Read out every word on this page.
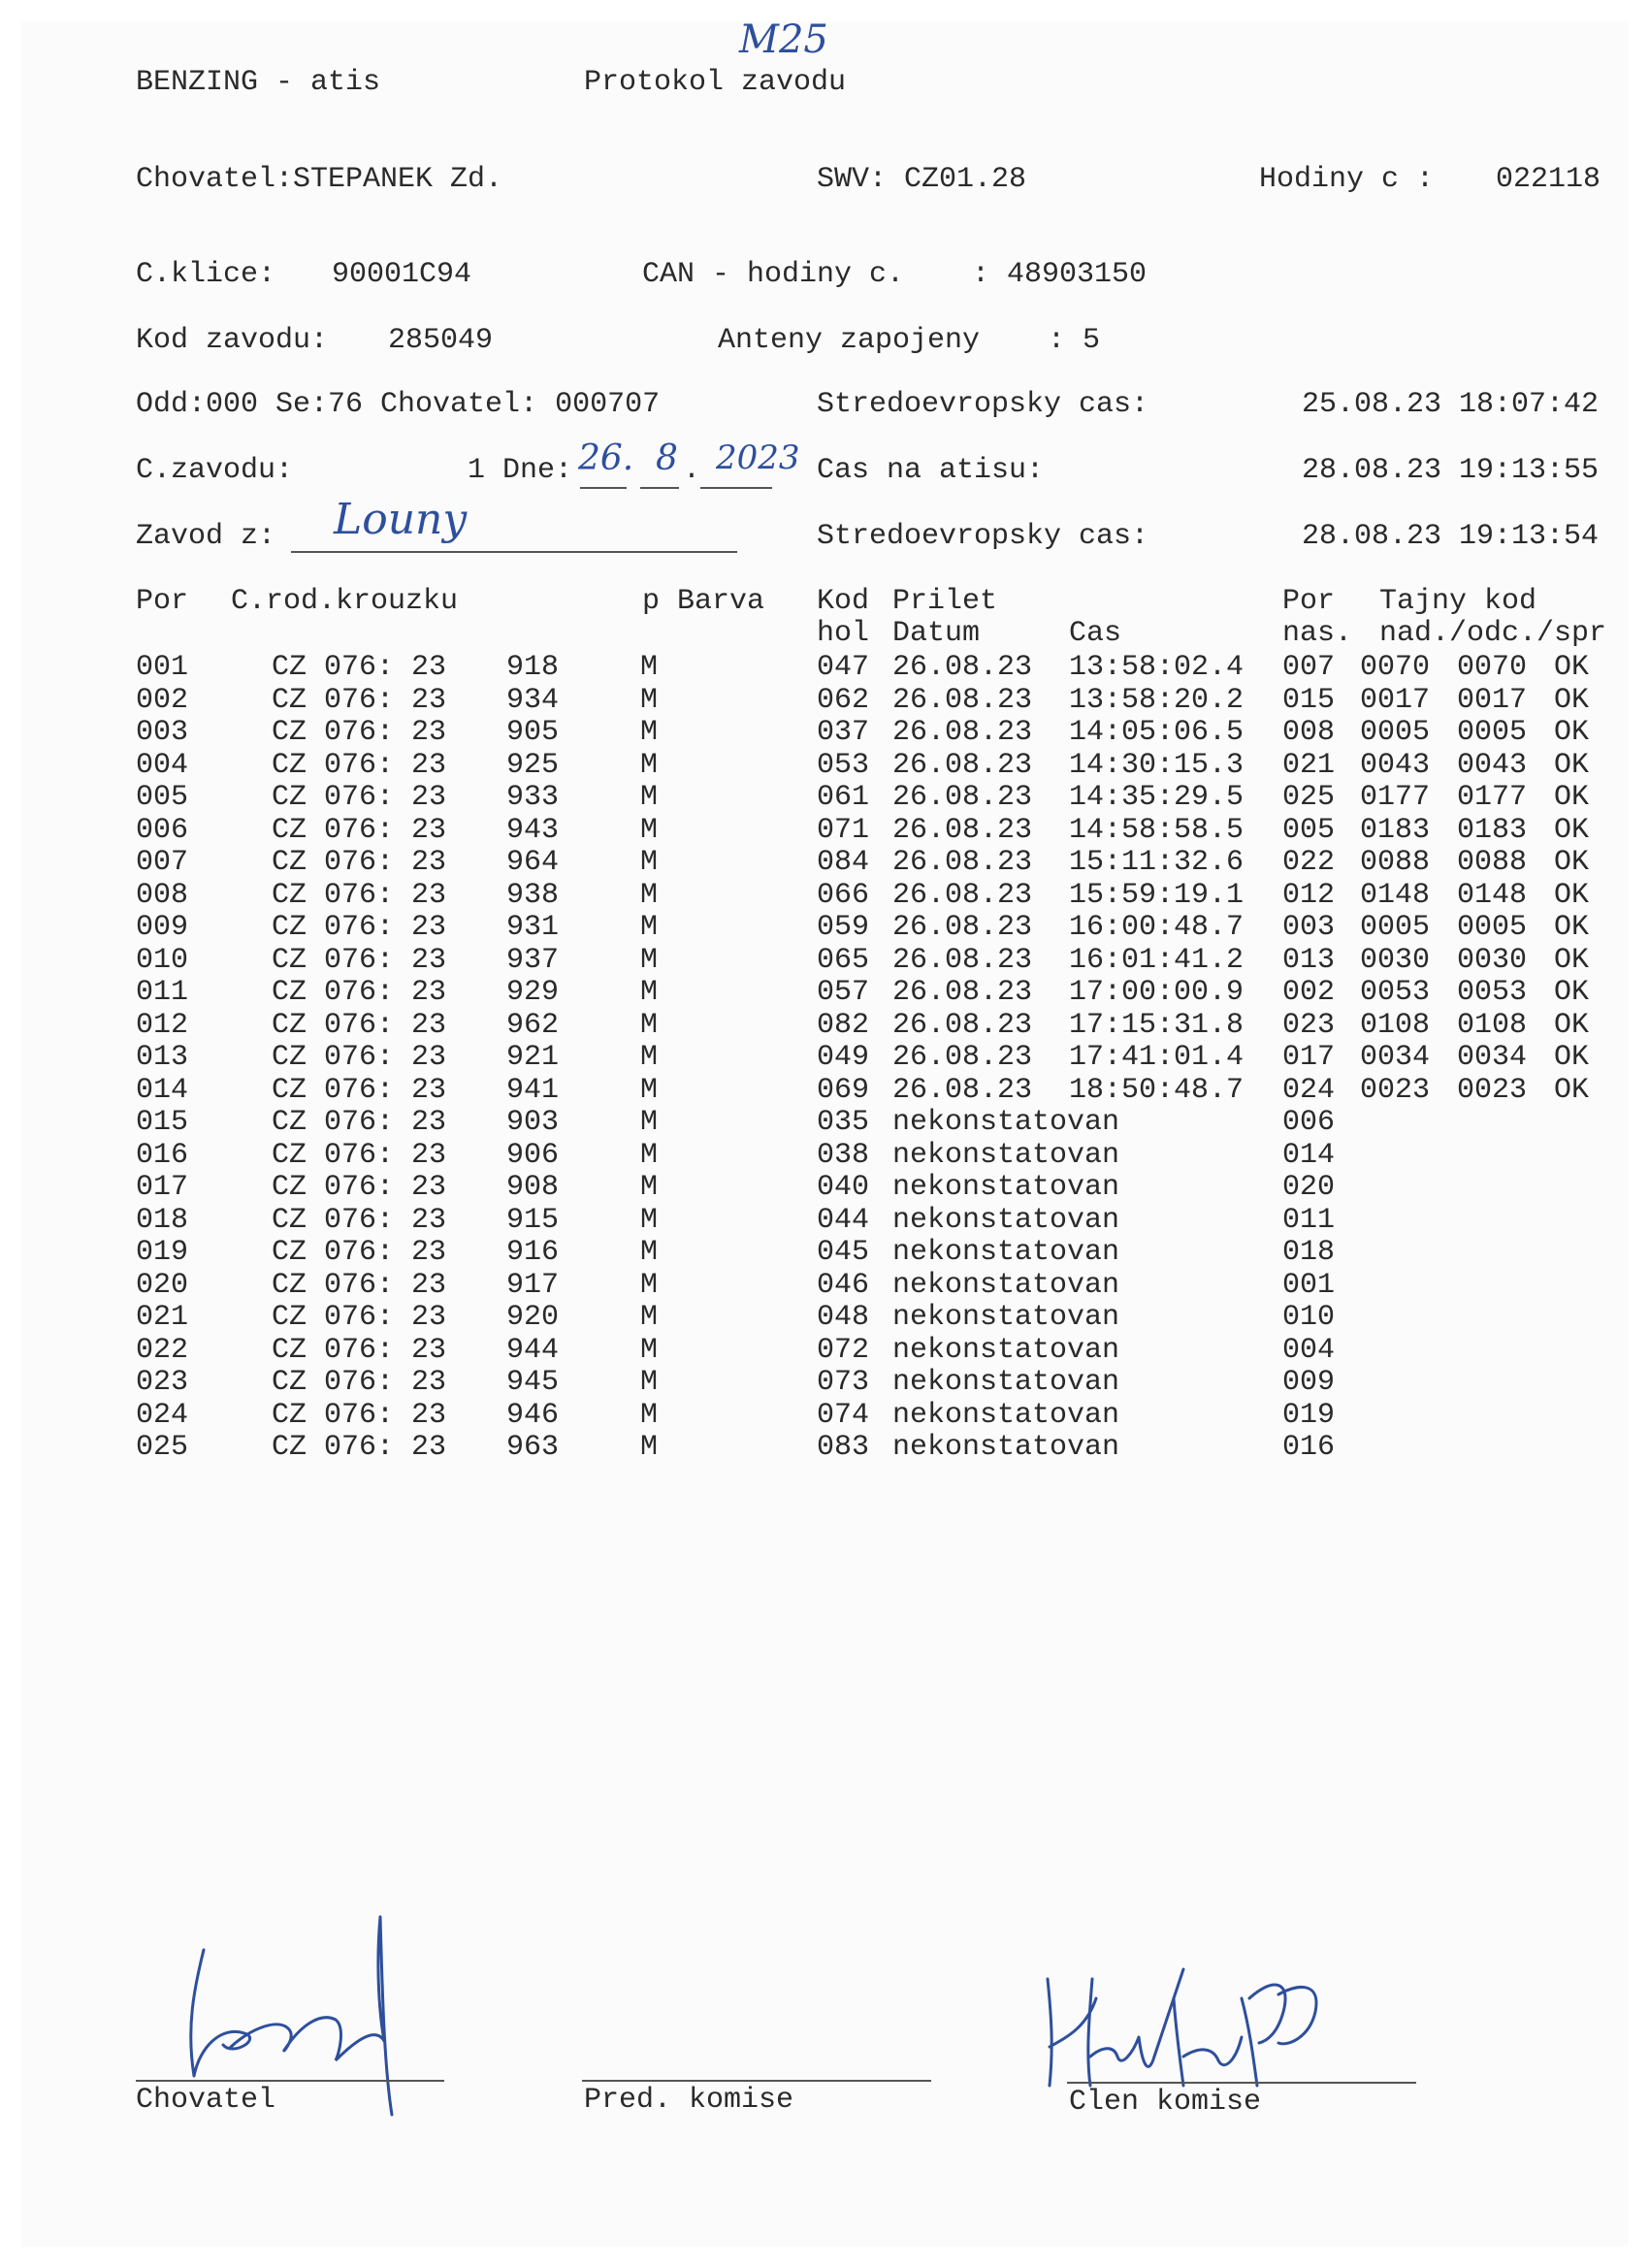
BENZING - atis	Protokol zavodu
M25
Chovatel:STEPANEK Zd.	SWV: CZ01.28	Hodiny c : 022118
C.klice: 90001C94	CAN - hodiny c. : 48903150
Kod zavodu: 285049	Anteny zapojeny : 5
Odd:000 Se:76 Chovatel: 000707	Stredoevropsky cas:	25.08.23 18:07:42
C.zavodu:	1 Dne: 26. 8 . 2023 Cas na atisu:	28.08.23 19:13:55
Zavod z: Louny	Stredoevropsky cas:	28.08.23 19:13:54
Por C.rod.krouzku	p Barva Kod Prilet	Por Tajny kod
hol Datum	Cas	nas. nad./odc./spr
001	CZ 076: 23 918	M	047 26.08.23 13:58:02.4 007 0070 0070 OK
002	CZ 076: 23 934	M	062 26.08.23 13:58:20.2 015 0017 0017 OK
003	CZ 076: 23 905	M	037 26.08.23 14:05:06.5 008 0005 0005 OK
004	CZ 076: 23 925	M	053 26.08.23 14:30:15.3 021 0043 0043 OK
005	CZ 076: 23 933	M	061 26.08.23 14:35:29.5 025 0177 0177 OK
006	CZ 076: 23 943	M	071 26.08.23 14:58:58.5 005 0183 0183 OK
007	CZ 076: 23 964	M	084 26.08.23 15:11:32.6 022 0088 0088 OK
008	CZ 076: 23 938	M	066 26.08.23 15:59:19.1 012 0148 0148 OK
009	CZ 076: 23 931	M	059 26.08.23 16:00:48.7 003 0005 0005 OK
010	CZ 076: 23 937	M	065 26.08.23 16:01:41.2 013 0030 0030 OK
011	CZ 076: 23 929	M	057 26.08.23 17:00:00.9 002 0053 0053 OK
012	CZ 076: 23 962	M	082 26.08.23 17:15:31.8 023 0108 0108 OK
013	CZ 076: 23 921	M	049 26.08.23 17:41:01.4 017 0034 0034 OK
014	CZ 076: 23 941	M	069 26.08.23 18:50:48.7 024 0023 0023 OK
015	CZ 076: 23 903	M	035 nekonstatovan	006
016	CZ 076: 23 906	M	038 nekonstatovan	014
017	CZ 076: 23 908	M	040 nekonstatovan	020
018	CZ 076: 23 915	M	044 nekonstatovan	011
019	CZ 076: 23 916	M	045 nekonstatovan	018
020	CZ 076: 23 917	M	046 nekonstatovan	001
021	CZ 076: 23 920	M	048 nekonstatovan	010
022	CZ 076: 23 944	M	072 nekonstatovan	004
023	CZ 076: 23 945	M	073 nekonstatovan	009
024	CZ 076: 23 946	M	074 nekonstatovan	019
025	CZ 076: 23 963	M	083 nekonstatovan	016
Chovatel	Pred. komise	Clen komise
